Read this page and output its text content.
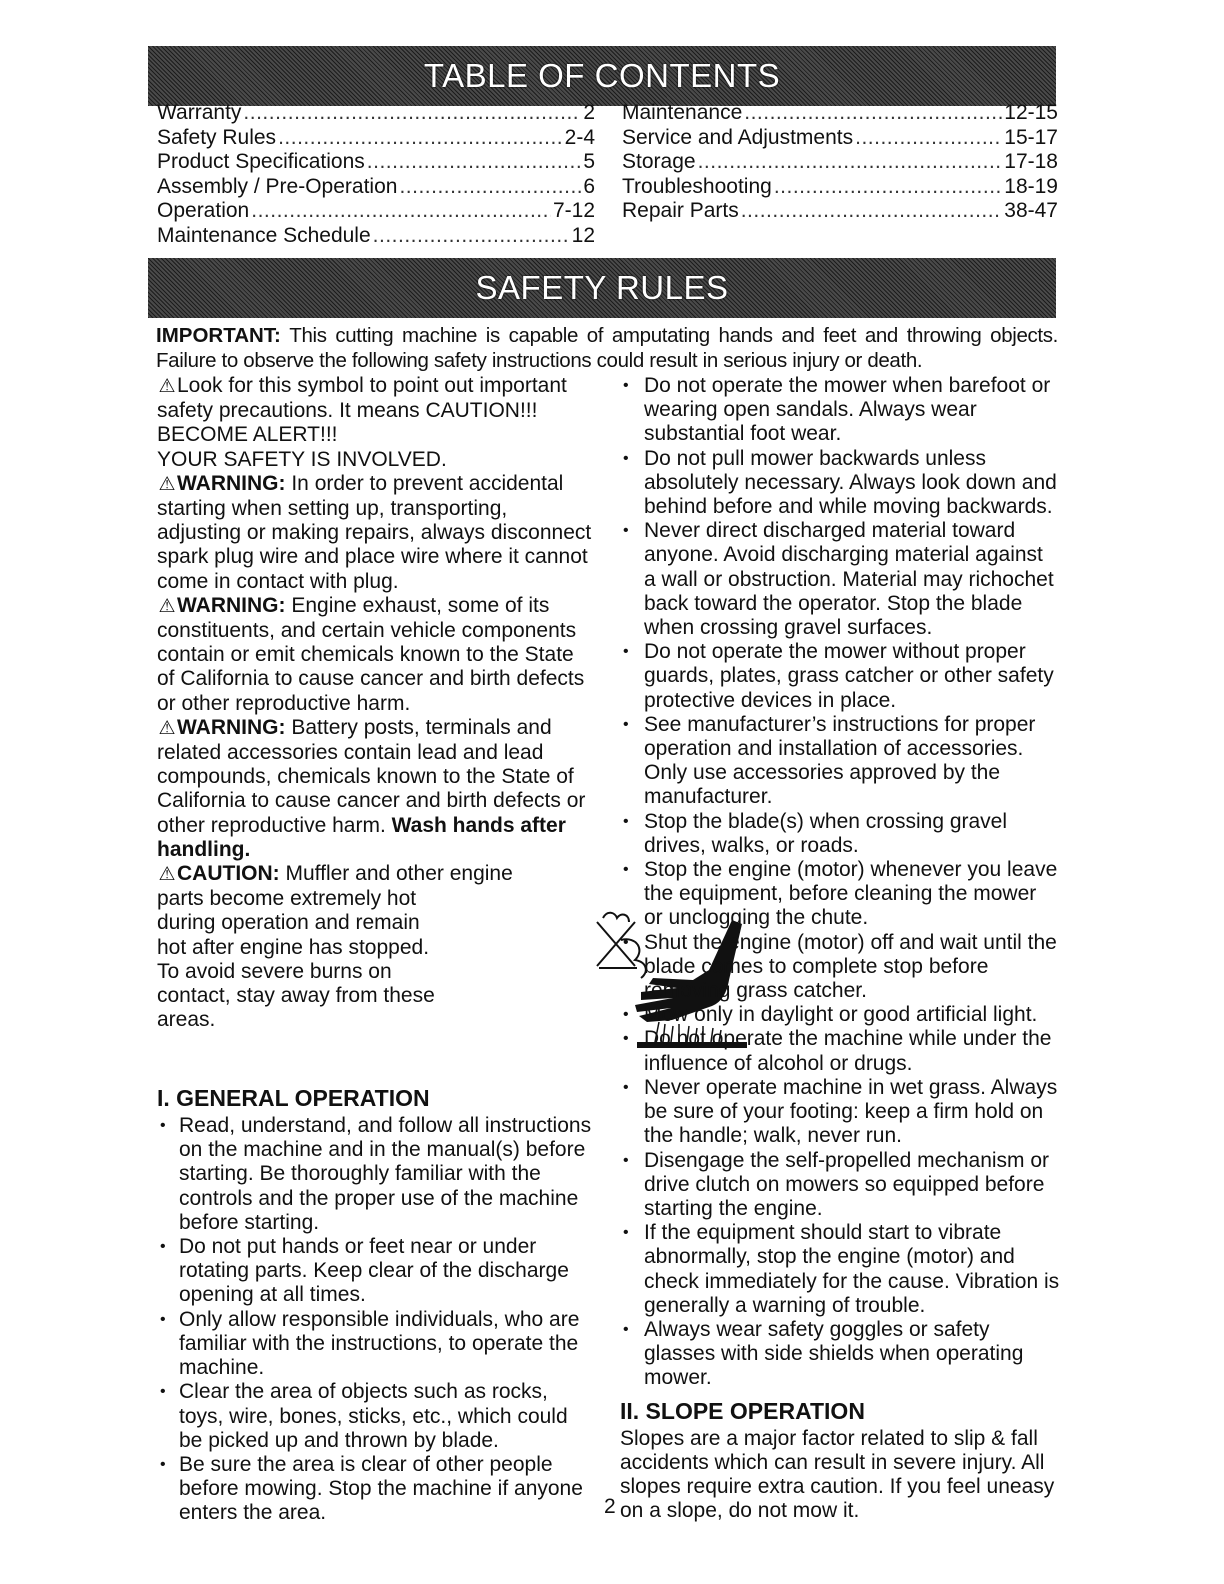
TABLE OF CONTENTS
Warranty .....	2
Safety Rules .....	2-4
Product Specifications .....	5
Assembly / Pre-Operation .....	6
Operation .....	7-12
Maintenance Schedule .....	12
Maintenance .....	12-15
Service and Adjustments .....	15-17
Storage .....	17-18
Troubleshooting .....	18-19
Repair Parts .....	38-47
SAFETY RULES

IMPORTANT: This cutting machine is capable of amputating hands and feet and throwing objects. Failure to observe the following safety instructions could result in serious injury or death.

⚠Look for this symbol to point out important safety precautions. It means CAUTION!!! BECOME ALERT!!!
YOUR SAFETY IS INVOLVED.

⚠WARNING: In order to prevent accidental starting when setting up, transporting, adjusting or making repairs, always disconnect spark plug wire and place wire where it cannot come in contact with plug.

⚠WARNING: Engine exhaust, some of its constituents, and certain vehicle components contain or emit chemicals known to the State of California to cause cancer and birth defects or other reproductive harm.

⚠WARNING: Battery posts, terminals and related accessories contain lead and lead compounds, chemicals known to the State of California to cause cancer and birth defects or other reproductive harm. Wash hands after handling.

⚠CAUTION: Muffler and other engine
parts become extremely hot during operation and remain hot after engine has stopped. To avoid severe burns on contact, stay away from these areas.
I. GENERAL OPERATION
• Read, understand, and follow all instructions on the machine and in the manual(s) before starting. Be thoroughly familiar with the controls and the proper use of the machine before starting.
• Do not put hands or feet near or under rotating parts. Keep clear of the discharge opening at all times.
• Only allow responsible individuals, who are familiar with the instructions, to operate the machine.
• Clear the area of objects such as rocks, toys, wire, bones, sticks, etc., which could be picked up and thrown by blade.
• Be sure the area is clear of other people before mowing. Stop the machine if anyone enters the area.
• Do not operate the mower when barefoot or wearing open sandals. Always wear substantial foot wear.
• Do not pull mower backwards unless absolutely necessary. Always look down and behind before and while moving backwards.
• Never direct discharged material toward anyone. Avoid discharging material against a wall or obstruction. Material may richochet back toward the operator. Stop the blade when crossing gravel surfaces.
• Do not operate the mower without proper guards, plates, grass catcher or other safety protective devices in place.
• See manufacturer’s instructions for proper operation and installation of accessories. Only use accessories approved by the manufacturer.
• Stop the blade(s) when crossing gravel drives, walks, or roads.
• Stop the engine (motor) whenever you leave the equipment, before cleaning the mower or unclogging the chute.
• Shut the engine (motor) off and wait until the blade comes to complete stop before removing grass catcher.
• Mow only in daylight or good artificial light.
• Do not operate the machine while under the influence of alcohol or drugs.
• Never operate machine in wet grass. Always be sure of your footing: keep a firm hold on the handle; walk, never run.
• Disengage the self-propelled mechanism or drive clutch on mowers so equipped before starting the engine.
• If the equipment should start to vibrate abnormally, stop the engine (motor) and check immediately for the cause. Vibration is generally a warning of trouble.
• Always wear safety goggles or safety glasses with side shields when operating mower.
II. SLOPE OPERATION

Slopes are a major factor related to slip & fall accidents which can result in severe injury. All slopes require extra caution. If you feel uneasy on a slope, do not mow it.

2
